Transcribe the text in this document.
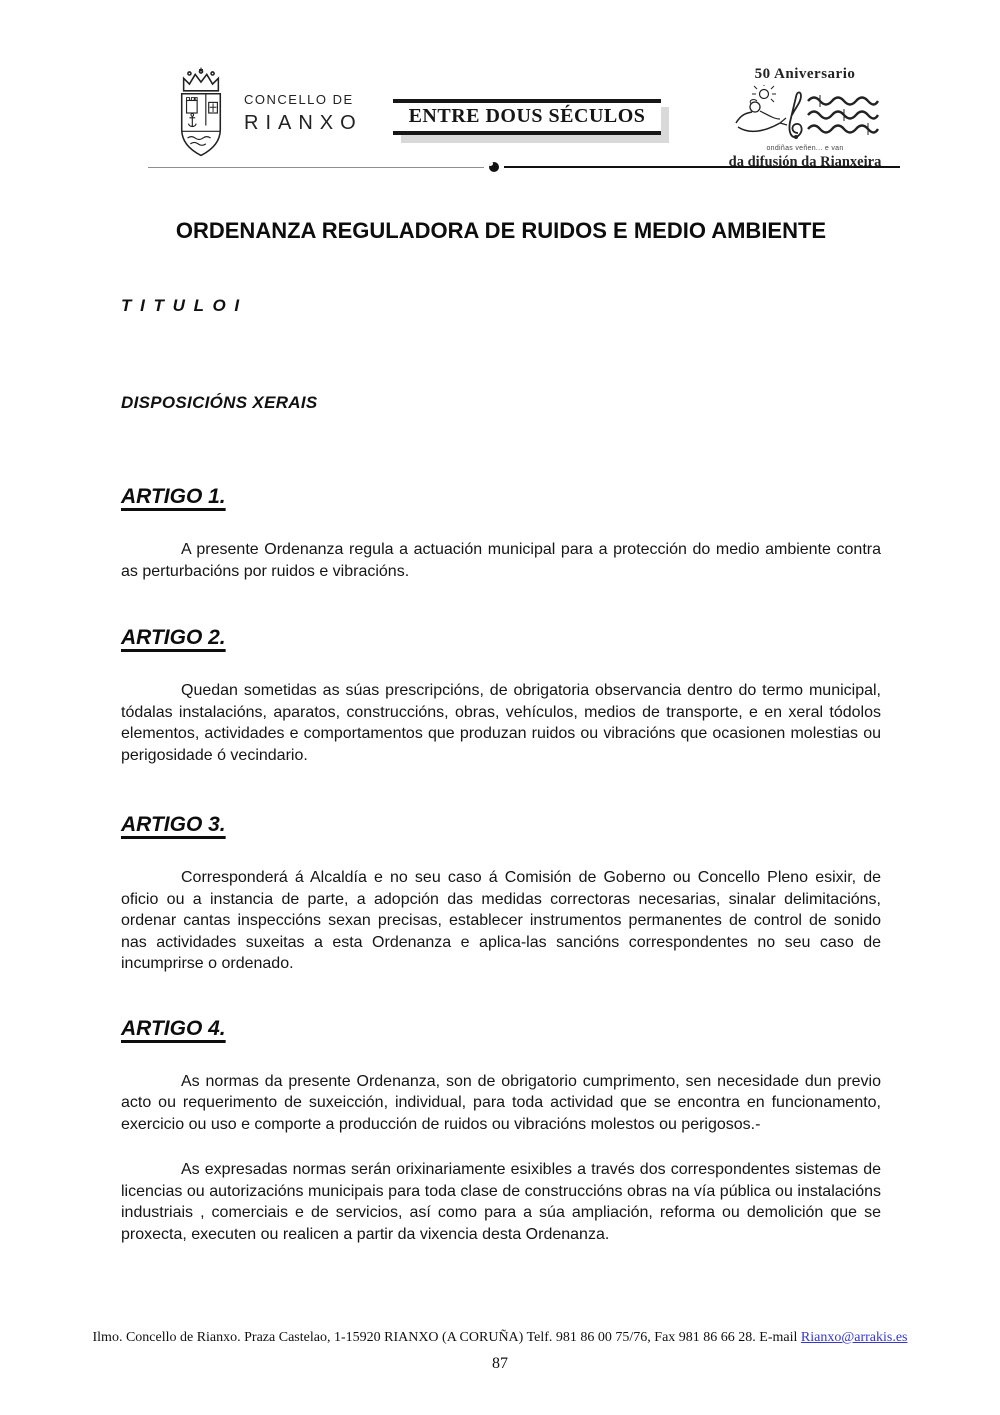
CONCELLO DE
RIANXO	ENTRE DOUS SÉCULOS
50 Aniversario
ondiñas veñen... e van
da difusión da Rianxeira
ORDENANZA REGULADORA DE RUIDOS E MEDIO AMBIENTE
T I T U L O I
DISPOSICIÓNS XERAIS
ARTIGO 1.

A presente Ordenanza regula a actuación municipal para a protección do medio ambiente contra as perturbacións por ruidos e vibracións.

ARTIGO 2.

Quedan sometidas as súas prescripcións, de obrigatoria observancia dentro do termo municipal, tódalas instalacións, aparatos, construccións, obras, vehículos, medios de transporte, e en xeral tódolos elementos, actividades e comportamentos que produzan ruidos ou vibracións que ocasionen molestias ou perigosidade ó vecindario.

ARTIGO 3.

Corresponderá á Alcaldía e no seu caso á Comisión de Goberno ou Concello Pleno esixir, de oficio ou a instancia de parte, a adopción das medidas correctoras necesarias, sinalar delimitacións, ordenar cantas inspeccións sexan precisas, establecer instrumentos permanentes de control de sonido nas actividades suxeitas a esta Ordenanza e aplica-las sancións correspondentes no seu caso de incumprirse o ordenado.

ARTIGO 4.

As normas da presente Ordenanza, son de obrigatorio cumprimento, sen necesidade dun previo acto ou requerimento de suxeicción, individual, para toda actividad que se encontra en funcionamento, exercicio ou uso e comporte a producción de ruidos ou vibracións molestos ou perigosos.-

As expresadas normas serán orixinariamente esixibles a través dos correspondentes sistemas de licencias ou autorizacións municipais para toda clase de construccións obras na vía pública ou instalacións industriais , comerciais e de servicios, así como para a súa ampliación, reforma ou demolición que se proxecta, executen ou realicen a partir da vixencia desta Ordenanza.

Ilmo. Concello de Rianxo. Praza Castelao, 1-15920 RIANXO (A CORUÑA) Telf. 981 86 00 75/76, Fax 981 86 66 28. E-mail Rianxo@arrakis.es
87
